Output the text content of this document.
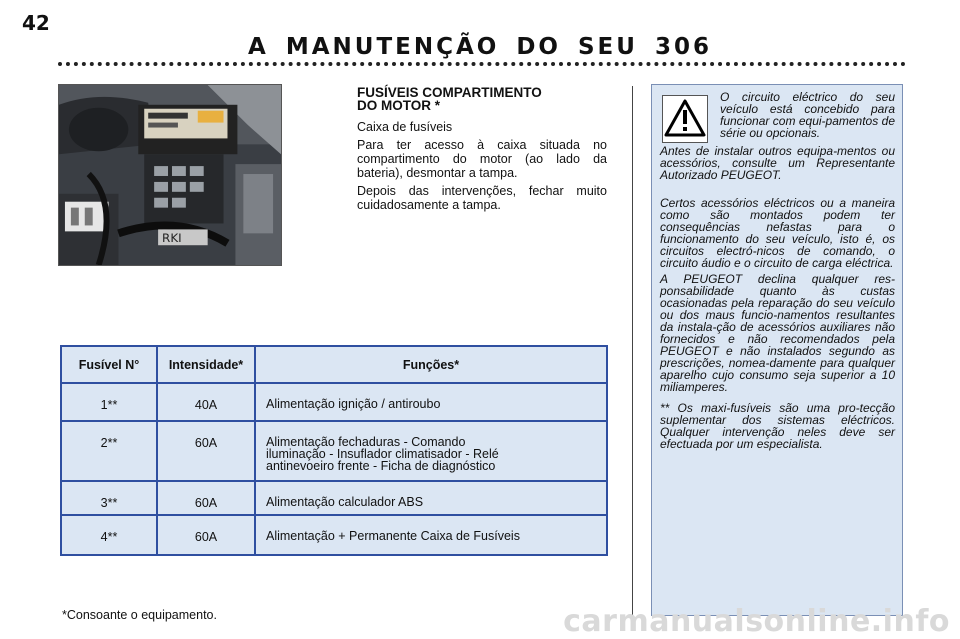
42
A MANUTENÇÃO DO SEU 306
RKI
FUSÍVEIS COMPARTIMENTO
DO MOTOR *

Caixa de fusíveis

Para ter acesso à caixa situada no compartimento do motor (ao lado da bateria), desmontar a tampa.

Depois das intervenções, fechar muito cuidadosamente a tampa.

Fusível N°	Intensidade*	Funções*
1**	40A	Alimentação ignição / antiroubo
2**	60A	Alimentação fechaduras - Comando
iluminação - Insuflador climatisador - Relé
antinevoeiro frente - Ficha de diagnóstico
3**	60A	Alimentação calculador ABS
4**	60A	Alimentação + Permanente Caixa de Fusíveis
*Consoante o equipamento.

O circuito eléctrico do seu veículo está concebido para funcionar com equi-pamentos de série ou opcionais.

Antes de instalar outros equipa-mentos ou acessórios, consulte um Representante Autorizado PEUGEOT.

Certos acessórios eléctricos ou a maneira como são montados podem ter consequências nefastas para o funcionamento do seu veículo, isto é, os circuitos electró-nicos de comando, o circuito áudio e o circuito de carga eléctrica.

A PEUGEOT declina qualquer res-ponsabilidade quanto às custas ocasionadas pela reparação do seu veículo ou dos maus funcio-namentos resultantes da instala-ção de acessórios auxiliares não fornecidos e não recomendados pela PEUGEOT e não instalados segundo as prescrições, nomea-damente para qualquer aparelho cujo consumo seja superior a 10 miliamperes.

** Os maxi-fusíveis são uma pro-tecção suplementar dos sistemas eléctricos. Qualquer intervenção neles deve ser efectuada por um especialista.

carmanualsonline.info
